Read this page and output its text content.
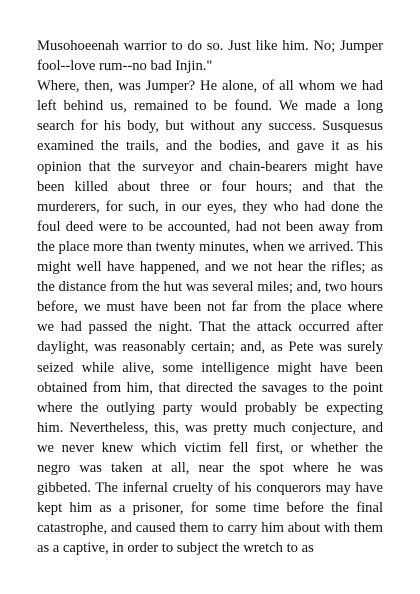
Musohoeenah warrior to do so. Just like him. No; Jumper fool--love rum--no bad Injin."

Where, then, was Jumper? He alone, of all whom we had left behind us, remained to be found. We made a long search for his body, but without any success. Susquesus examined the trails, and the bodies, and gave it as his opinion that the surveyor and chain-bearers might have been killed about three or four hours; and that the murderers, for such, in our eyes, they who had done the foul deed were to be accounted, had not been away from the place more than twenty minutes, when we arrived. This might well have happened, and we not hear the rifles; as the distance from the hut was several miles; and, two hours before, we must have been not far from the place where we had passed the night. That the attack occurred after daylight, was reasonably certain; and, as Pete was surely seized while alive, some intelligence might have been obtained from him, that directed the savages to the point where the outlying party would probably be expecting him. Nevertheless, this, was pretty much conjecture, and we never knew which victim fell first, or whether the negro was taken at all, near the spot where he was gibbeted. The infernal cruelty of his conquerors may have kept him as a prisoner, for some time before the final catastrophe, and caused them to carry him about with them as a captive, in order to subject the wretch to as
